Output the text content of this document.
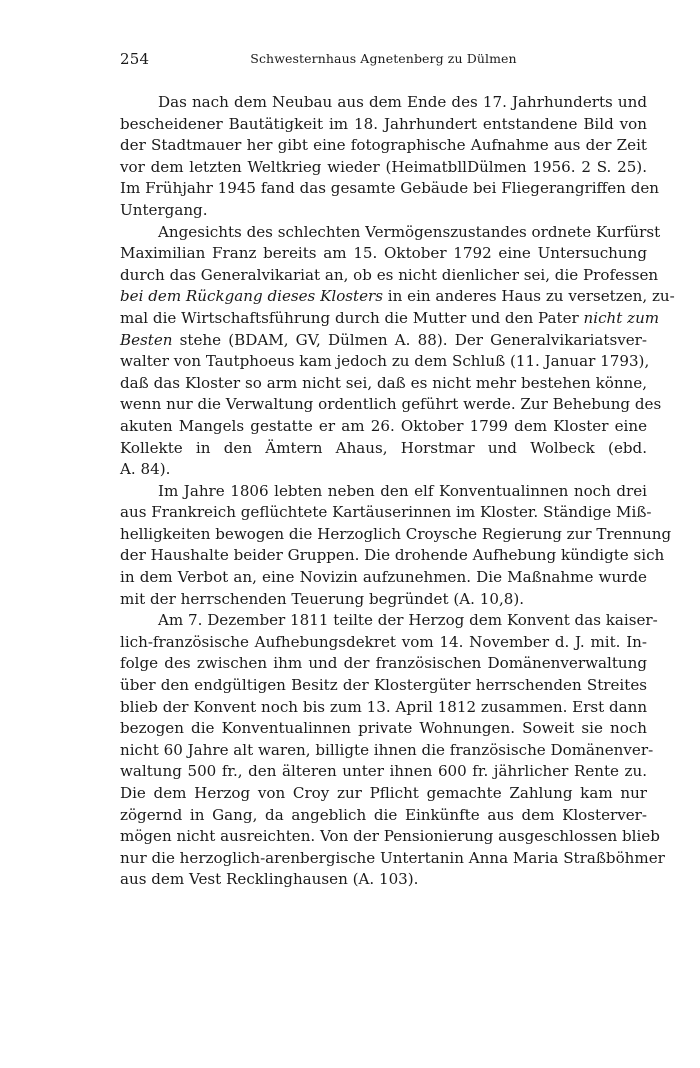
254	Schwesternhaus Agnetenberg zu Dülmen
Das nach dem Neubau aus dem Ende des 17. Jahrhunderts und
bescheidener Bautätigkeit im 18. Jahrhundert entstandene Bild von
der Stadtmauer her gibt eine fotographische Aufnahme aus der Zeit
vor dem letzten Weltkrieg wieder (HeimatbllDülmen 1956. 2 S. 25).
Im Frühjahr 1945 fand das gesamte Gebäude bei Fliegerangriffen den
Untergang.
Angesichts des schlechten Vermögenszustandes ordnete Kurfürst
Maximilian Franz bereits am 15. Oktober 1792 eine Untersuchung
durch das Generalvikariat an, ob es nicht dienlicher sei, die Professen
bei dem Rückgang dieses Klosters in ein anderes Haus zu versetzen, zu-
mal die Wirtschaftsführung durch die Mutter und den Pater nicht zum
Besten stehe (BDAM, GV, Dülmen A. 88). Der Generalvikariatsver-
walter von Tautphoeus kam jedoch zu dem Schluß (11. Januar 1793),
daß das Kloster so arm nicht sei, daß es nicht mehr bestehen könne,
wenn nur die Verwaltung ordentlich geführt werde. Zur Behebung des
akuten Mangels gestatte er am 26. Oktober 1799 dem Kloster eine
Kollekte in den Ämtern Ahaus, Horstmar und Wolbeck (ebd.
A. 84).
Im Jahre 1806 lebten neben den elf Konventualinnen noch drei
aus Frankreich geflüchtete Kartäuserinnen im Kloster. Ständige Miß-
helligkeiten bewogen die Herzoglich Croysche Regierung zur Trennung
der Haushalte beider Gruppen. Die drohende Aufhebung kündigte sich
in dem Verbot an, eine Novizin aufzunehmen. Die Maßnahme wurde
mit der herrschenden Teuerung begründet (A. 10,8).
Am 7. Dezember 1811 teilte der Herzog dem Konvent das kaiser-
lich-französische Aufhebungsdekret vom 14. November d. J. mit. In-
folge des zwischen ihm und der französischen Domänenverwaltung
über den endgültigen Besitz der Klostergüter herrschenden Streites
blieb der Konvent noch bis zum 13. April 1812 zusammen. Erst dann
bezogen die Konventualinnen private Wohnungen. Soweit sie noch
nicht 60 Jahre alt waren, billigte ihnen die französische Domänenver-
waltung 500 fr., den älteren unter ihnen 600 fr. jährlicher Rente zu.
Die dem Herzog von Croy zur Pflicht gemachte Zahlung kam nur
zögernd in Gang, da angeblich die Einkünfte aus dem Klosterver-
mögen nicht ausreichten. Von der Pensionierung ausgeschlossen blieb
nur die herzoglich-arenbergische Untertanin Anna Maria Straßböhmer
aus dem Vest Recklinghausen (A. 103).
